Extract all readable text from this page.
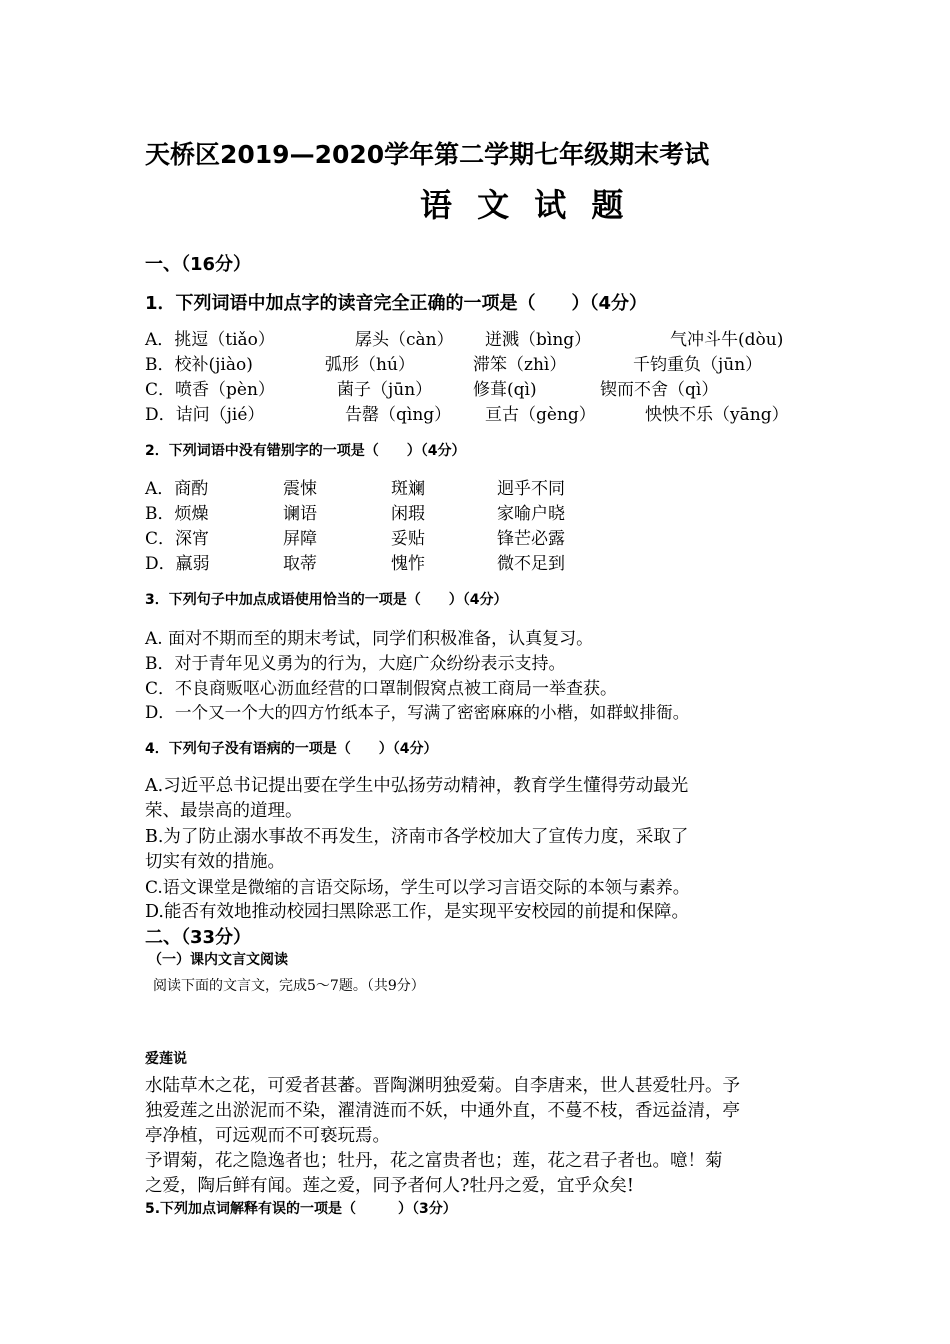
天桥区2019—2020学年第二学期七年级期末考试
语 文 试 题
一、（16分）
1．下列词语中加点字的读音完全正确的一项是（　　）（4分）
A．挑逗（tiǎo）	孱头（càn） 迸溅（bìng）	气冲斗牛(dòu)
B．校补(jiào)	弧形（hú）	滞笨（zhì）	千钧重负（jūn）
C．喷香（pèn）	菌子（jūn） 修葺(qì)	锲而不舍（qì）
D．诘问（jié）	告罄（qìng） 亘古（gèng）	怏怏不乐（yāng）
2．下列词语中没有错别字的一项是（　　）（4分）
A．商酌	震悚	斑斓	迥乎不同
B．烦燥	谰语	闲瑕	家喻户晓
C．深宵	屏障	妥贴	锋芒必露
D．羸弱	取蒂	愧怍	微不足到
3．下列句子中加点成语使用恰当的一项是（　　）（4分）
A. 面对不期而至的期末考试，同学们积极准备，认真复习。
B．对于青年见义勇为的行为，大庭广众纷纷表示支持。
C．不良商贩呕心沥血经营的口罩制假窝点被工商局一举查获。
D．一个又一个大的四方竹纸本子，写满了密密麻麻的小楷，如群蚁排衙。
4．下列句子没有语病的一项是（　　）（4分）
A.习近平总书记提出要在学生中弘扬劳动精神，教育学生懂得劳动最光
荣、最崇高的道理。
B.为了防止溺水事故不再发生，济南市各学校加大了宣传力度，采取了
切实有效的措施。
C.语文课堂是微缩的言语交际场，学生可以学习言语交际的本领与素养。
D.能否有效地推动校园扫黑除恶工作，是实现平安校园的前提和保障。
二、（33分）
（一）课内文言文阅读
阅读下面的文言文，完成5～7题。（共9分）
爱莲说
水陆草木之花，可爱者甚蕃。晋陶渊明独爱菊。自李唐来，世人甚爱牡丹。予
独爱莲之出淤泥而不染，濯清涟而不妖，中通外直，不蔓不枝，香远益清，亭
亭净植，可远观而不可亵玩焉。
予谓菊，花之隐逸者也；牡丹，花之富贵者也；莲，花之君子者也。噫！菊
之爱，陶后鲜有闻。莲之爱，同予者何人?牡丹之爱，宜乎众矣!
5.下列加点词解释有误的一项是（　　　）（3分）
